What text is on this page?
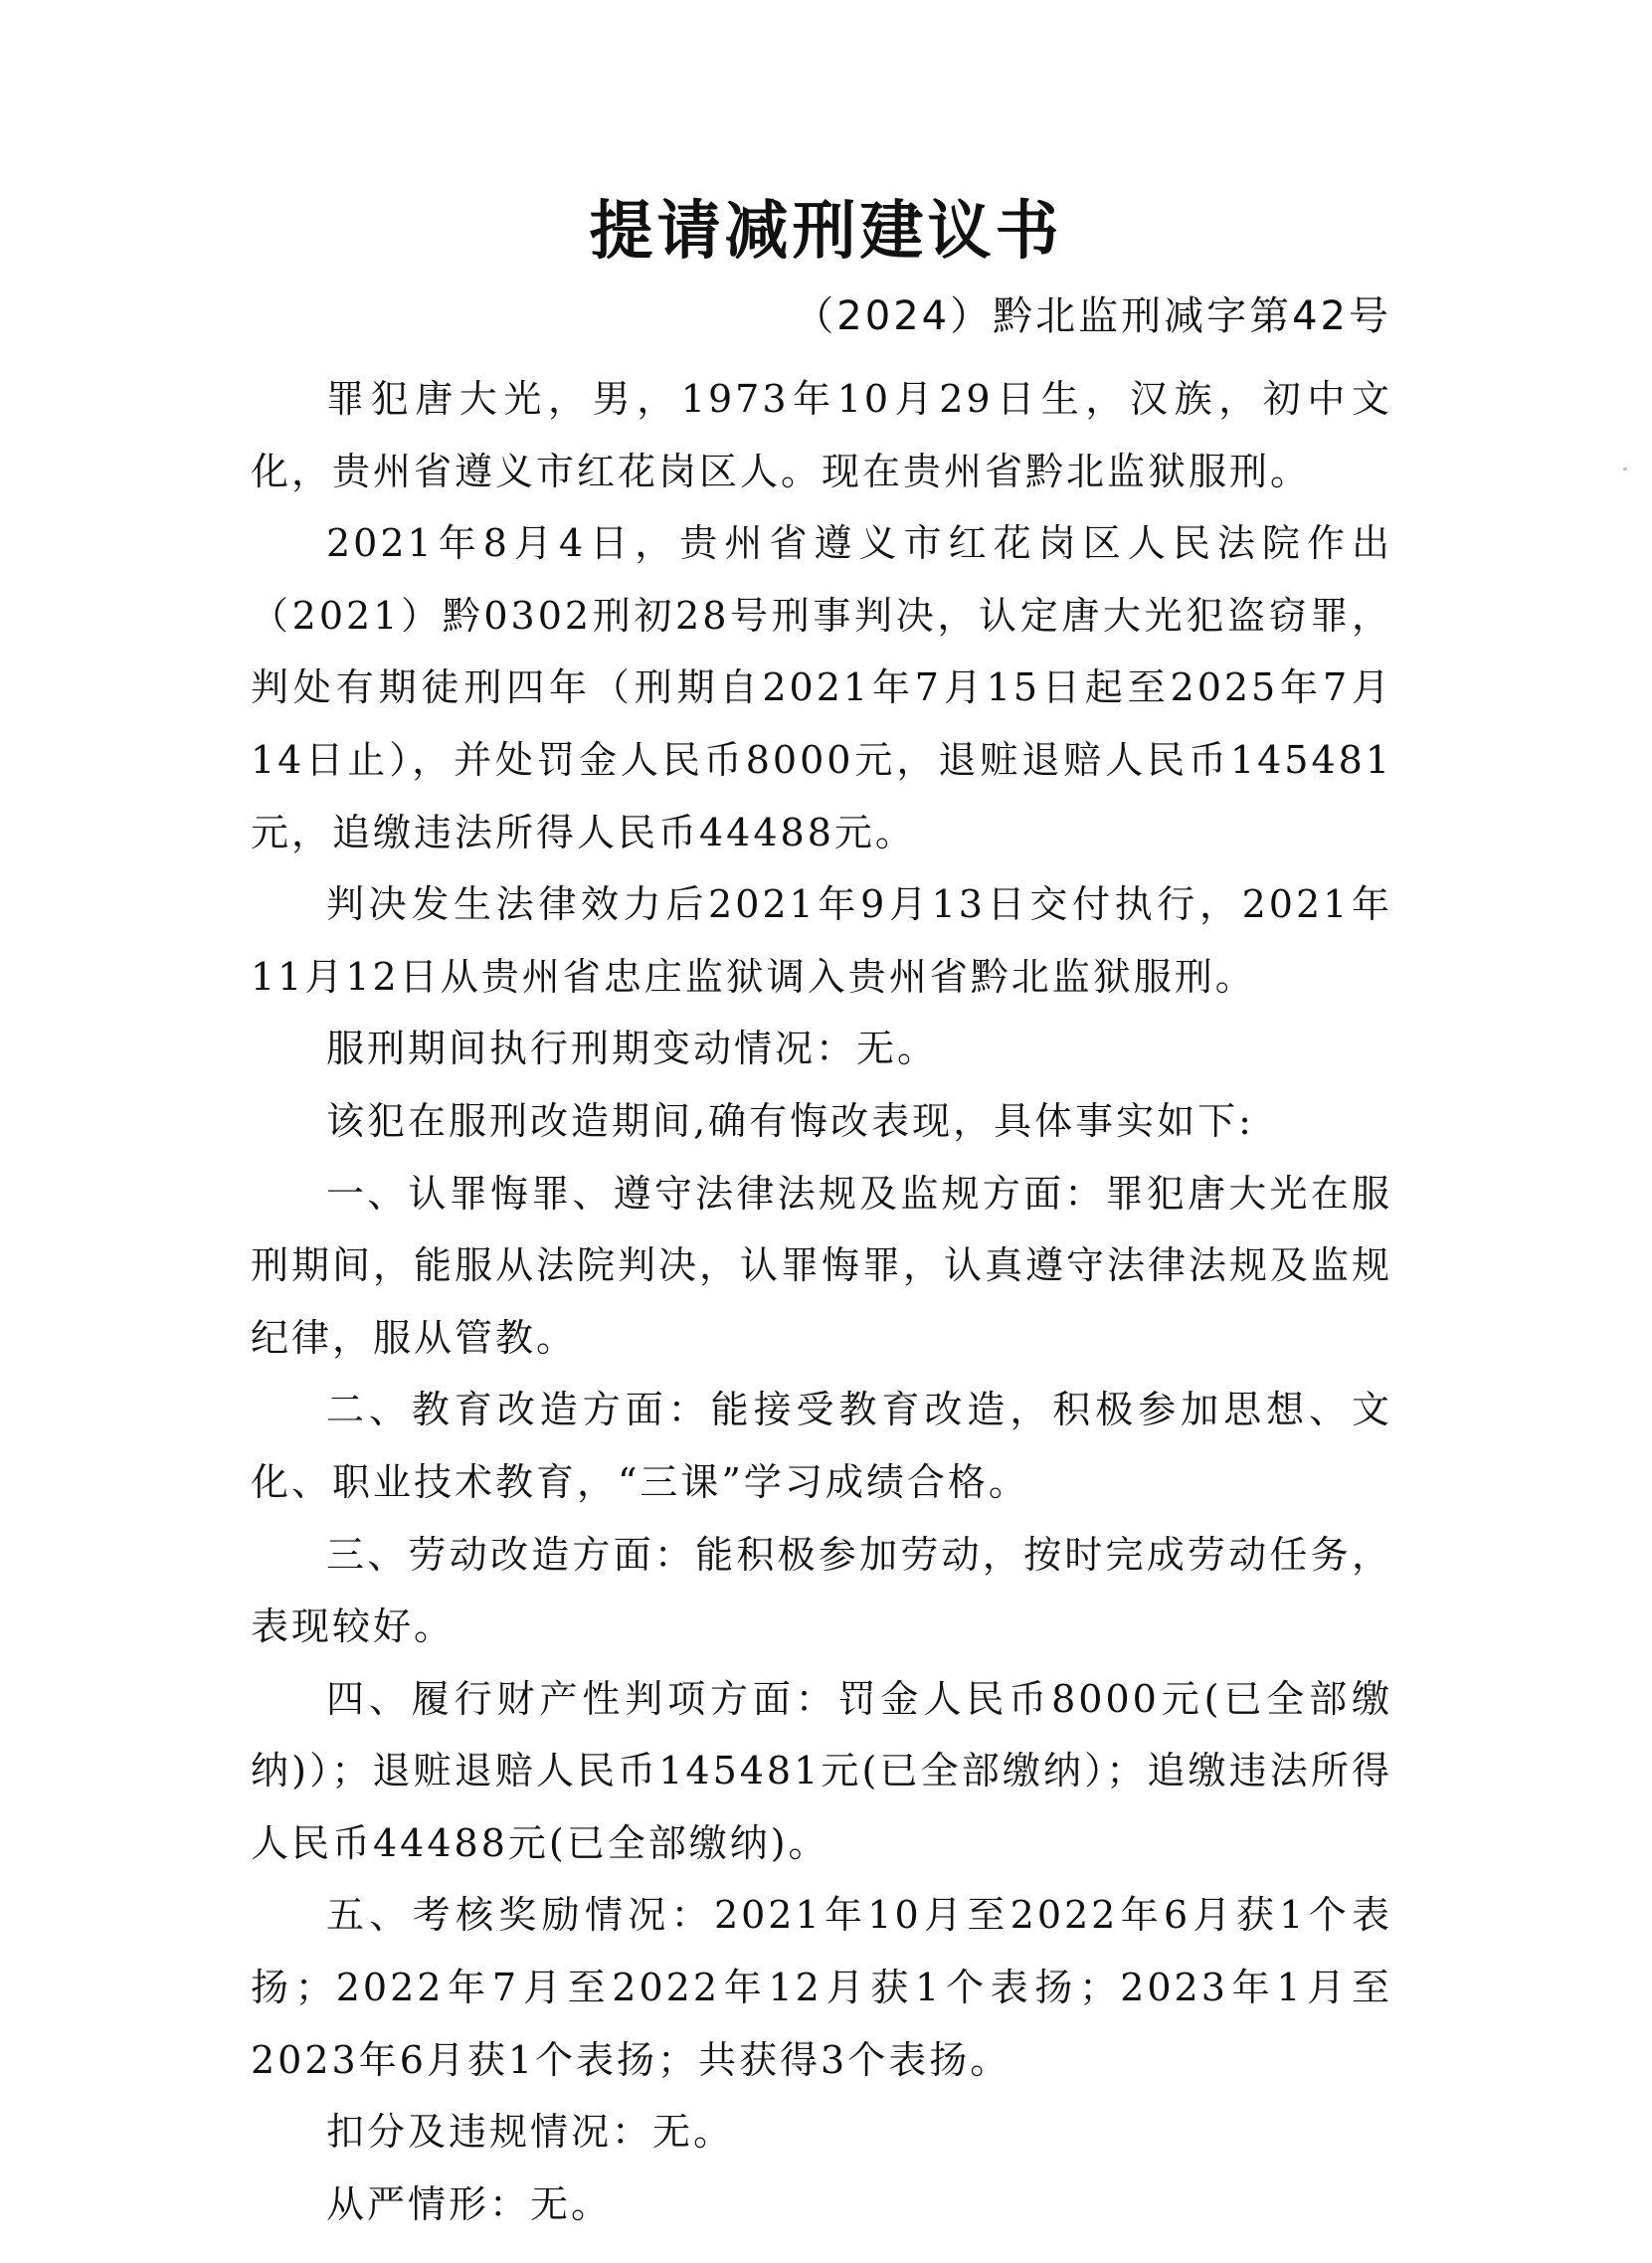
提请减刑建议书
（2024）黔北监刑减字第42号

罪犯唐大光，男，1973年10月29日生，汉族，初中文化，贵州省遵义市红花岗区人。现在贵州省黔北监狱服刑。

2021年8月4日，贵州省遵义市红花岗区人民法院作出（2021）黔0302刑初28号刑事判决，认定唐大光犯盗窃罪，判处有期徒刑四年（刑期自2021年7月15日起至2025年7月14日止），并处罚金人民币8000元，退赃退赔人民币145481元，追缴违法所得人民币44488元。

判决发生法律效力后2021年9月13日交付执行，2021年11月12日从贵州省忠庄监狱调入贵州省黔北监狱服刑。

服刑期间执行刑期变动情况：无。

该犯在服刑改造期间,确有悔改表现，具体事实如下:

一、认罪悔罪、遵守法律法规及监规方面：罪犯唐大光在服刑期间，能服从法院判决，认罪悔罪，认真遵守法律法规及监规纪律，服从管教。

二、教育改造方面：能接受教育改造，积极参加思想、文化、职业技术教育，“三课”学习成绩合格。

三、劳动改造方面：能积极参加劳动，按时完成劳动任务，表现较好。

四、履行财产性判项方面：罚金人民币8000元(已全部缴纳)）；退赃退赔人民币145481元(已全部缴纳）；追缴违法所得人民币44488元(已全部缴纳)。

五、考核奖励情况：2021年10月至2022年6月获1个表扬；2022年7月至2022年12月获1个表扬；2023年1月至2023年6月获1个表扬；共获得3个表扬。

扣分及违规情况：无。

从严情形：无。
